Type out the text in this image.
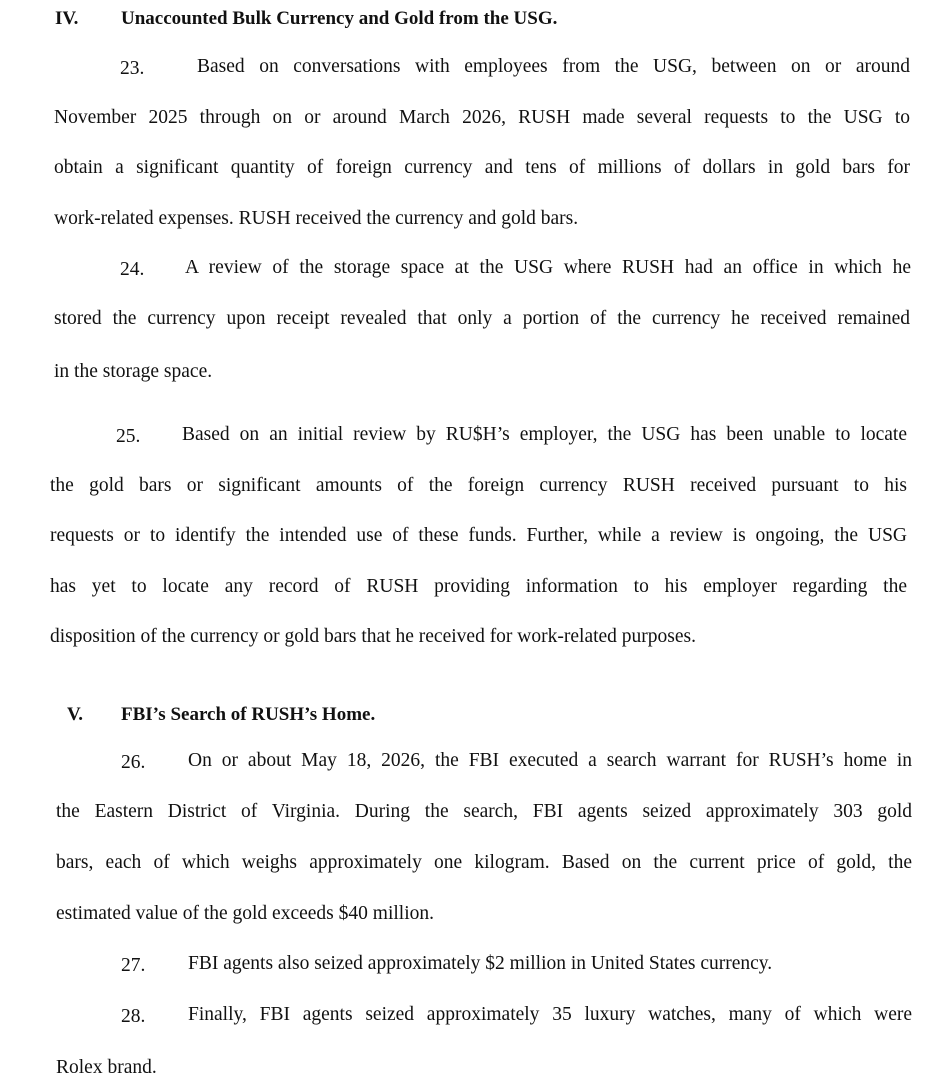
IV. Unaccounted Bulk Currency and Gold from the USG.
23.	Based on conversations with employees from the USG, between on or around
November 2025 through on or around March 2026, RUSH made several requests to the USG to
obtain a significant quantity of foreign currency and tens of millions of dollars in gold bars for
work-related expenses. RUSH received the currency and gold bars.
24. A review of the storage space at the USG where RUSH had an office in which he
stored the currency upon receipt revealed that only a portion of the currency he received remained
in the storage space.
25. Based on an initial review by RU$H’s employer, the USG has been unable to locate
the gold bars or significant amounts of the foreign currency RUSH received pursuant to his
requests or to identify the intended use of these funds. Further, while a review is ongoing, the USG
has yet to locate any record of RUSH providing information to his employer regarding the
disposition of the currency or gold bars that he received for work-related purposes.
V. FBI’s Search of RUSH’s Home.
26. On or about May 18, 2026, the FBI executed a search warrant for RUSH’s home in
the Eastern District of Virginia. During the search, FBI agents seized approximately 303 gold
bars, each of which weighs approximately one kilogram. Based on the current price of gold, the
estimated value of the gold exceeds $40 million.
27. FBI agents also seized approximately $2 million in United States currency.
28. Finally, FBI agents seized approximately 35 luxury watches, many of which were
Rolex brand.
